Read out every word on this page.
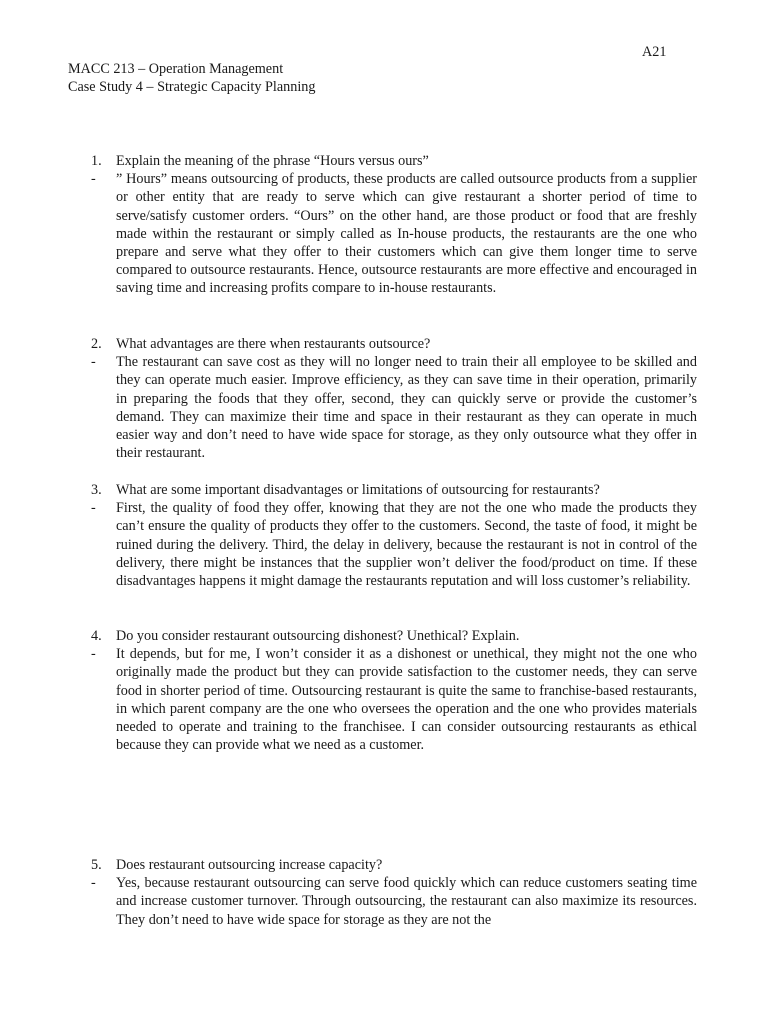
A21
MACC 213 – Operation Management
Case Study 4 – Strategic Capacity Planning
1.	Explain the meaning of the phrase “Hours versus ours”
-	” Hours” means outsourcing of products, these products are called outsource products from a supplier or other entity that are ready to serve which can give restaurant a shorter period of time to serve/satisfy customer orders. “Ours” on the other hand, are those product or food that are freshly made within the restaurant or simply called as In-house products, the restaurants are the one who prepare and serve what they offer to their customers which can give them longer time to serve compared to outsource restaurants. Hence, outsource restaurants are more effective and encouraged in saving time and increasing profits compare to in-house restaurants.
2.	What advantages are there when restaurants outsource?
-	The restaurant can save cost as they will no longer need to train their all employee to be skilled and they can operate much easier. Improve efficiency, as they can save time in their operation, primarily in preparing the foods that they offer, second, they can quickly serve or provide the customer’s demand. They can maximize their time and space in their restaurant as they can operate in much easier way and don’t need to have wide space for storage, as they only outsource what they offer in their restaurant.
3.	What are some important disadvantages or limitations of outsourcing for restaurants?
-	First, the quality of food they offer, knowing that they are not the one who made the products they can’t ensure the quality of products they offer to the customers. Second, the taste of food, it might be ruined during the delivery. Third, the delay in delivery, because the restaurant is not in control of the delivery, there might be instances that the supplier won’t deliver the food/product on time. If these disadvantages happens it might damage the restaurants reputation and will loss customer’s reliability.
4.	Do you consider restaurant outsourcing dishonest? Unethical? Explain.
-	It depends, but for me, I won’t consider it as a dishonest or unethical, they might not the one who originally made the product but they can provide satisfaction to the customer needs, they can serve food in shorter period of time. Outsourcing restaurant is quite the same to franchise-based restaurants, in which parent company are the one who oversees the operation and the one who provides materials needed to operate and training to the franchisee. I can consider outsourcing restaurants as ethical because they can provide what we need as a customer.
5.	Does restaurant outsourcing increase capacity?
-	Yes, because restaurant outsourcing can serve food quickly which can reduce customers seating time and increase customer turnover. Through outsourcing, the restaurant can also maximize its resources. They don’t need to have wide space for storage as they are not the
